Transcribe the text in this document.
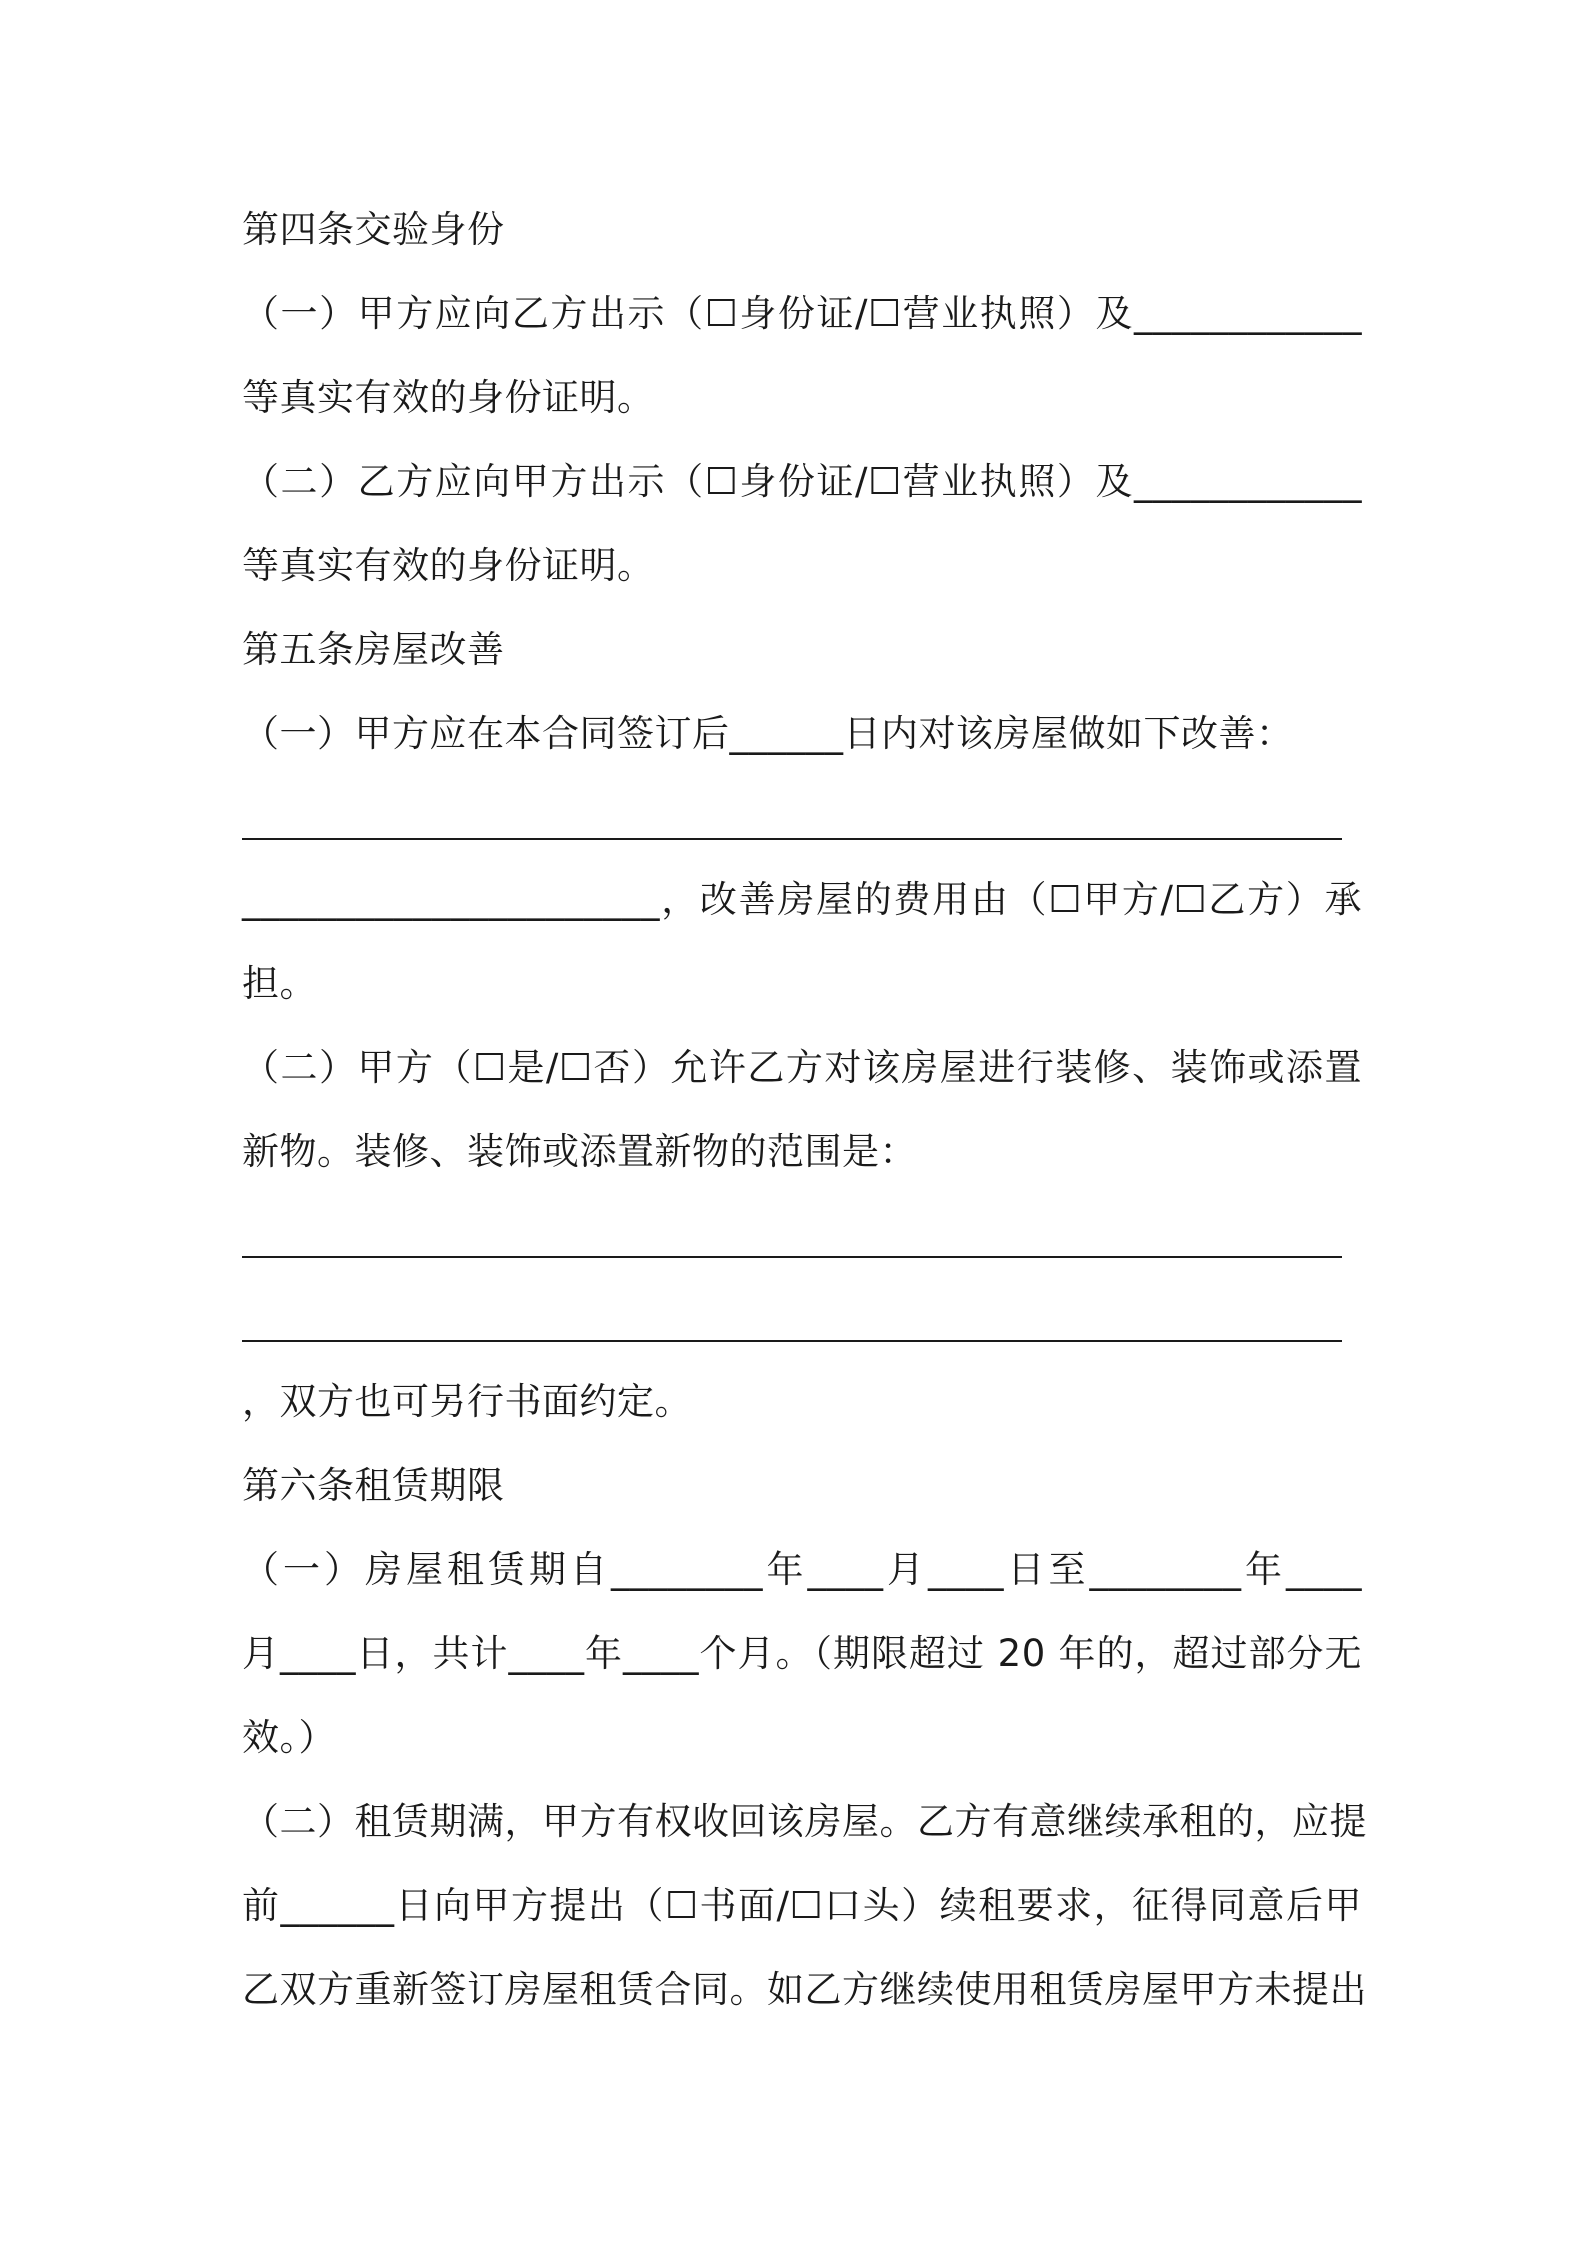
第四条交验身份
（一）甲方应向乙方出示（☐身份证/☐营业执照）及____________
等真实有效的身份证明。
（二）乙方应向甲方出示（☐身份证/☐营业执照）及____________
等真实有效的身份证明。
第五条房屋改善
（一）甲方应在本合同签订后______日内对该房屋做如下改善：
______________________，改善房屋的费用由（☐甲方/☐乙方）承
担。
（二）甲方（☐是/☐否）允许乙方对该房屋进行装修、装饰或添置
新物。装修、装饰或添置新物的范围是：
，双方也可另行书面约定。
第六条租赁期限
（一）房屋租赁期自________年____月____日至________年____
月____日，共计____年____个月。（期限超过 20 年的，超过部分无
效。）
（二）租赁期满，甲方有权收回该房屋。乙方有意继续承租的，应提
前______日向甲方提出（☐书面/☐口头）续租要求，征得同意后甲
乙双方重新签订房屋租赁合同。如乙方继续使用租赁房屋甲方未提出
